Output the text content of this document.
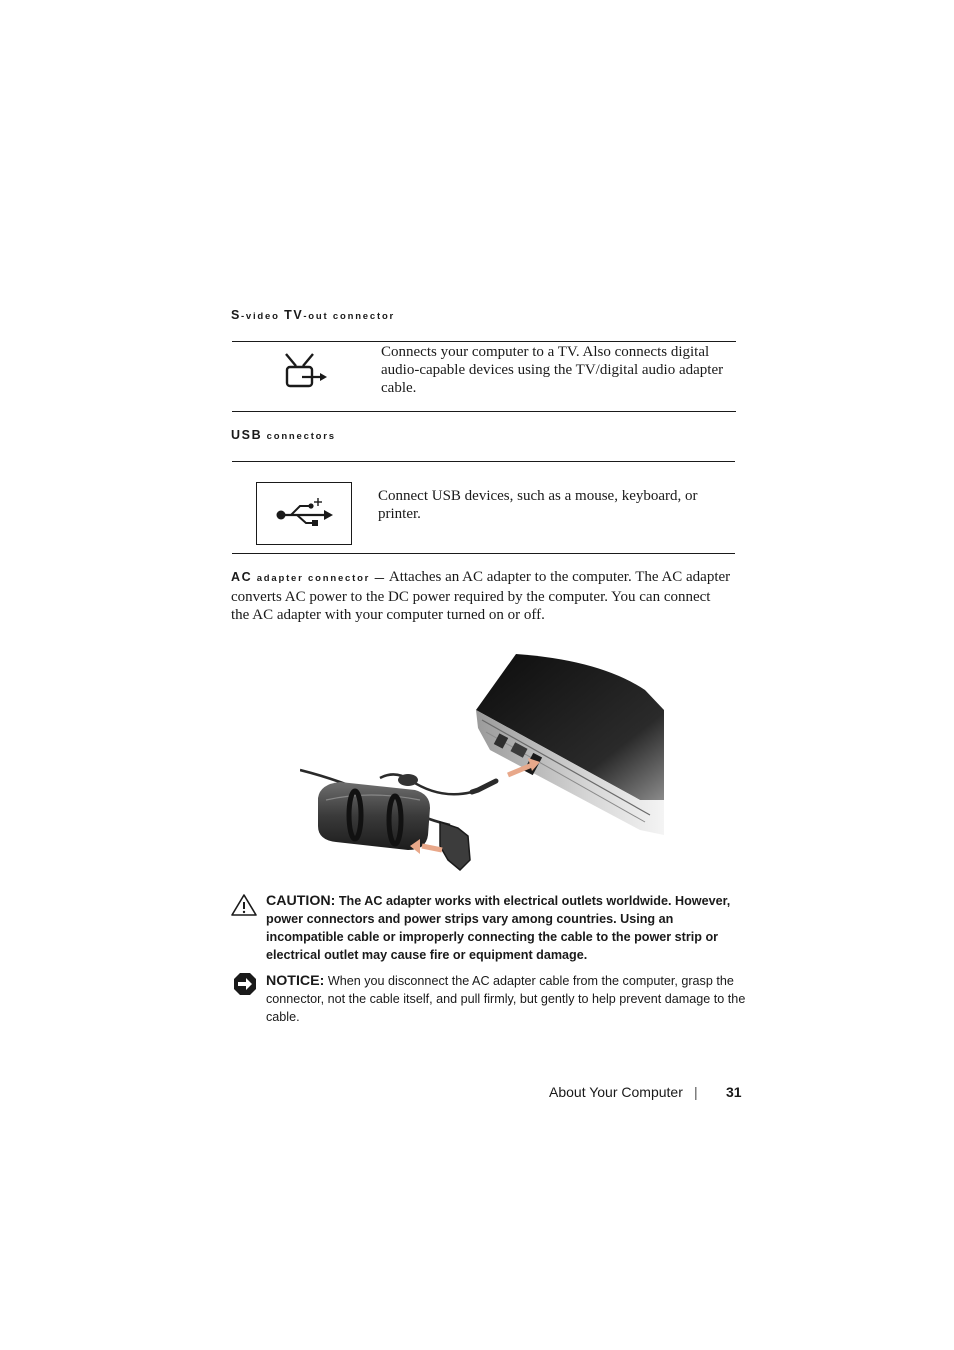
S-video TV-out connector
Connects your computer to a TV. Also connects digital audio-capable devices using the TV/digital audio adapter cable.
USB connectors
Connect USB devices, such as a mouse, keyboard, or printer.
AC adapter connector — Attaches an AC adapter to the computer. The AC adapter converts AC power to the DC power required by the computer. You can connect the AC adapter with your computer turned on or off.
CAUTION: The AC adapter works with electrical outlets worldwide. However, power connectors and power strips vary among countries. Using an incompatible cable or improperly connecting the cable to the power strip or electrical outlet may cause fire or equipment damage.
NOTICE: When you disconnect the AC adapter cable from the computer, grasp the connector, not the cable itself, and pull firmly, but gently to help prevent damage to the cable.
About Your Computer | 31
